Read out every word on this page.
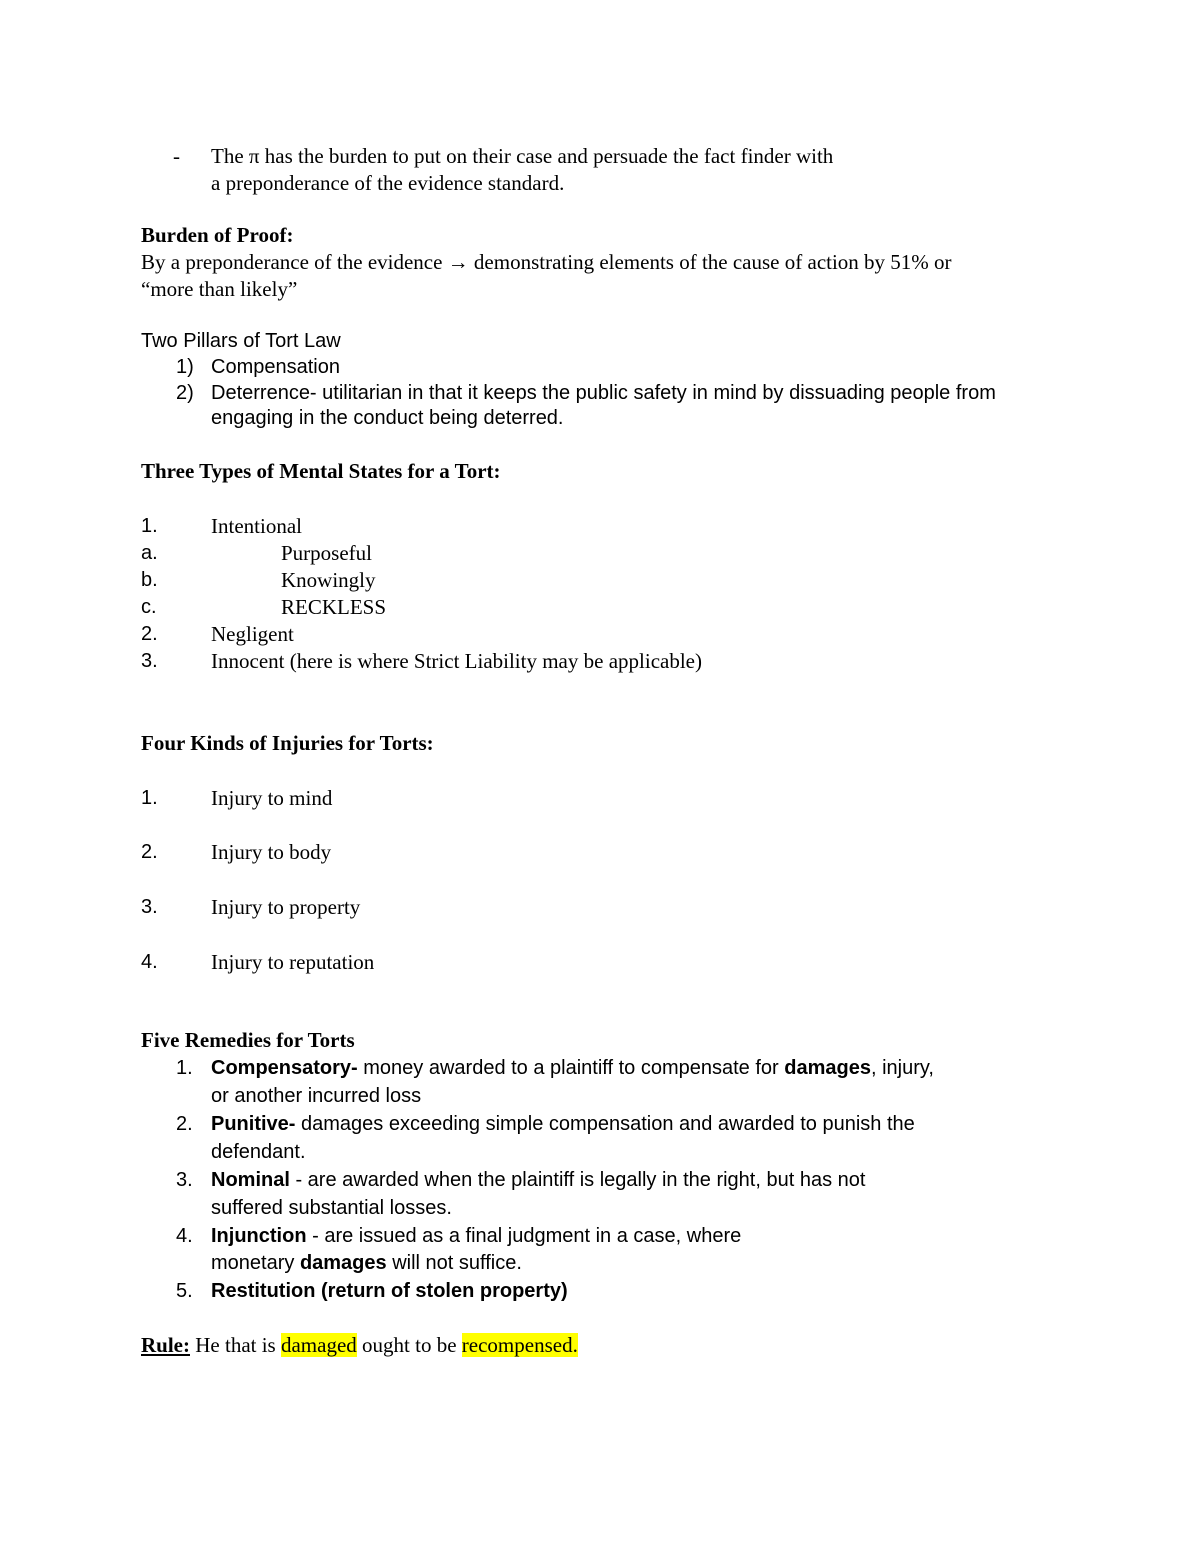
- The π has the burden to put on their case and persuade the fact finder with
a preponderance of the evidence standard.
Burden of Proof:
By a preponderance of the evidence → demonstrating elements of the cause of action by 51% or
“more than likely”
Two Pillars of Tort Law
1) Compensation
2) Deterrence- utilitarian in that it keeps the public safety in mind by dissuading people from
engaging in the conduct being deterred.
Three Types of Mental States for a Tort:
1.	Intentional
a.	Purposeful
b.	Knowingly
c.	RECKLESS
2.	Negligent
3.	Innocent (here is where Strict Liability may be applicable)
Four Kinds of Injuries for Torts:
1.	Injury to mind
2.	Injury to body
3.	Injury to property
4.	Injury to reputation
Five Remedies for Torts
1. Compensatory- money awarded to a plaintiff to compensate for damages, injury,
or another incurred loss
2. Punitive- damages exceeding simple compensation and awarded to punish the
defendant.
3. Nominal - are awarded when the plaintiff is legally in the right, but has not
suffered substantial losses.
4. Injunction - are issued as a final judgment in a case, where
monetary damages will not suffice.
5. Restitution (return of stolen property)
Rule: He that is damaged ought to be recompensed.
